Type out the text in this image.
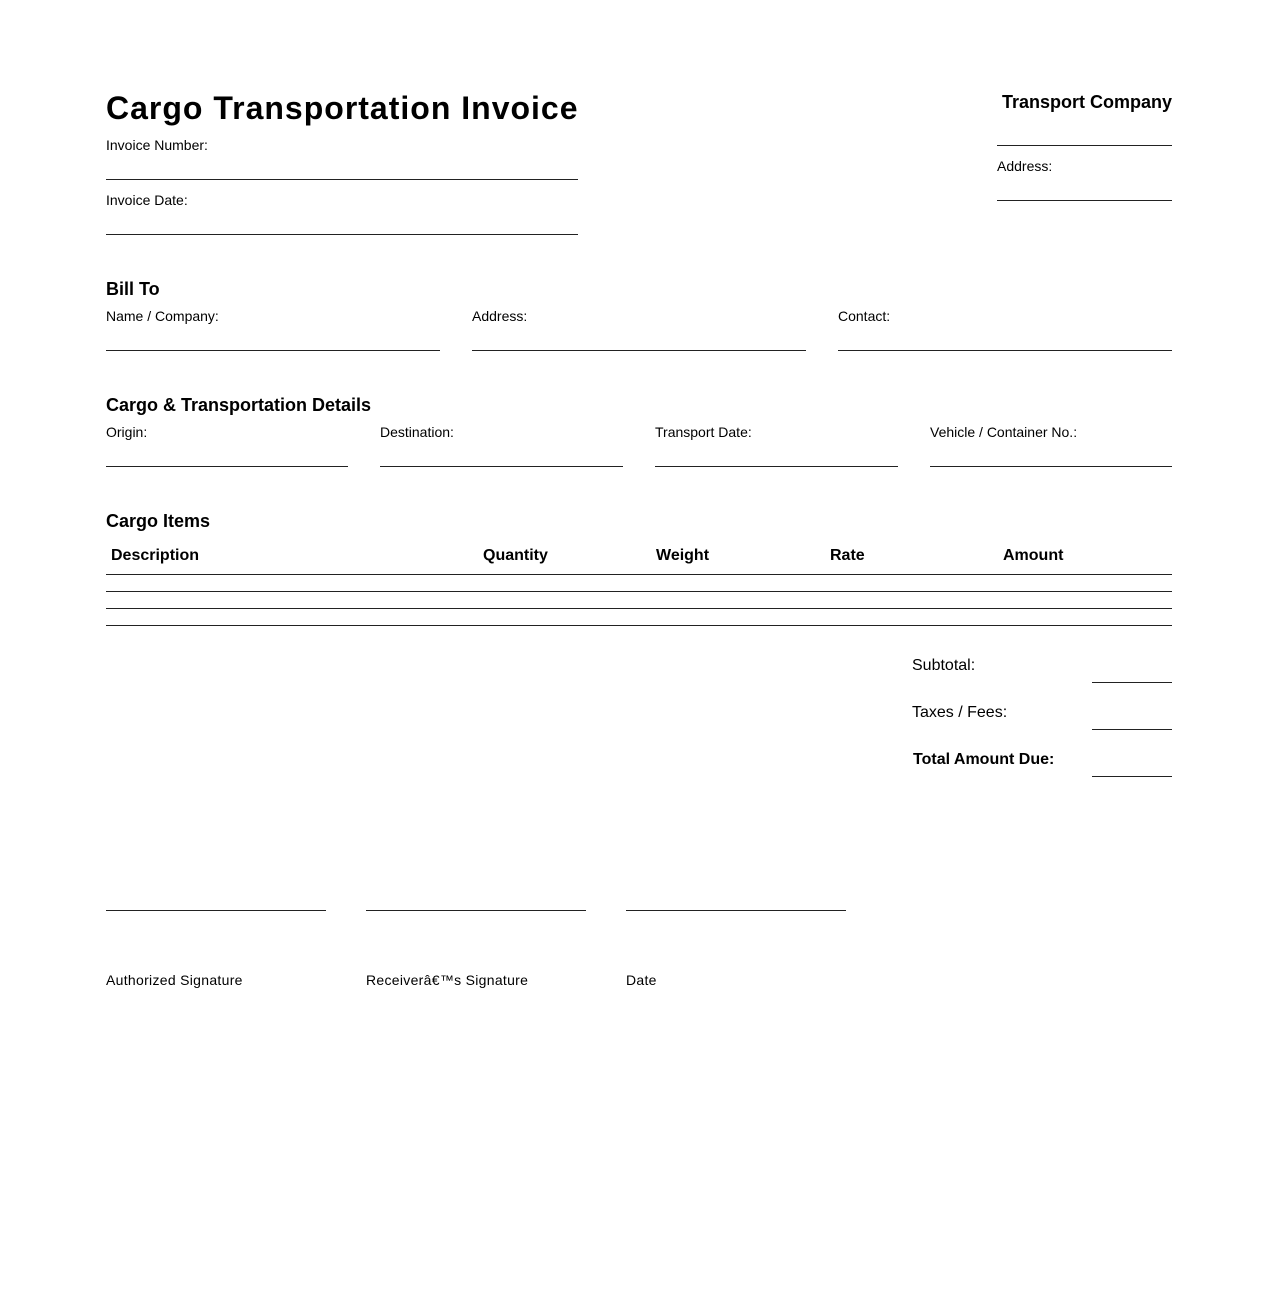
Cargo Transportation Invoice
Invoice Number:
Invoice Date:
Transport Company
Address:
Bill To
Name / Company:	Address:	Contact:
Cargo & Transportation Details
Origin:	Destination:	Transport Date:	Vehicle / Container No.:
Cargo Items
Description	Quantity	Weight	Rate	Amount
Subtotal:
Taxes / Fees:
Total Amount Due:
Authorized Signature	Receiverâ€™s Signature	Date
